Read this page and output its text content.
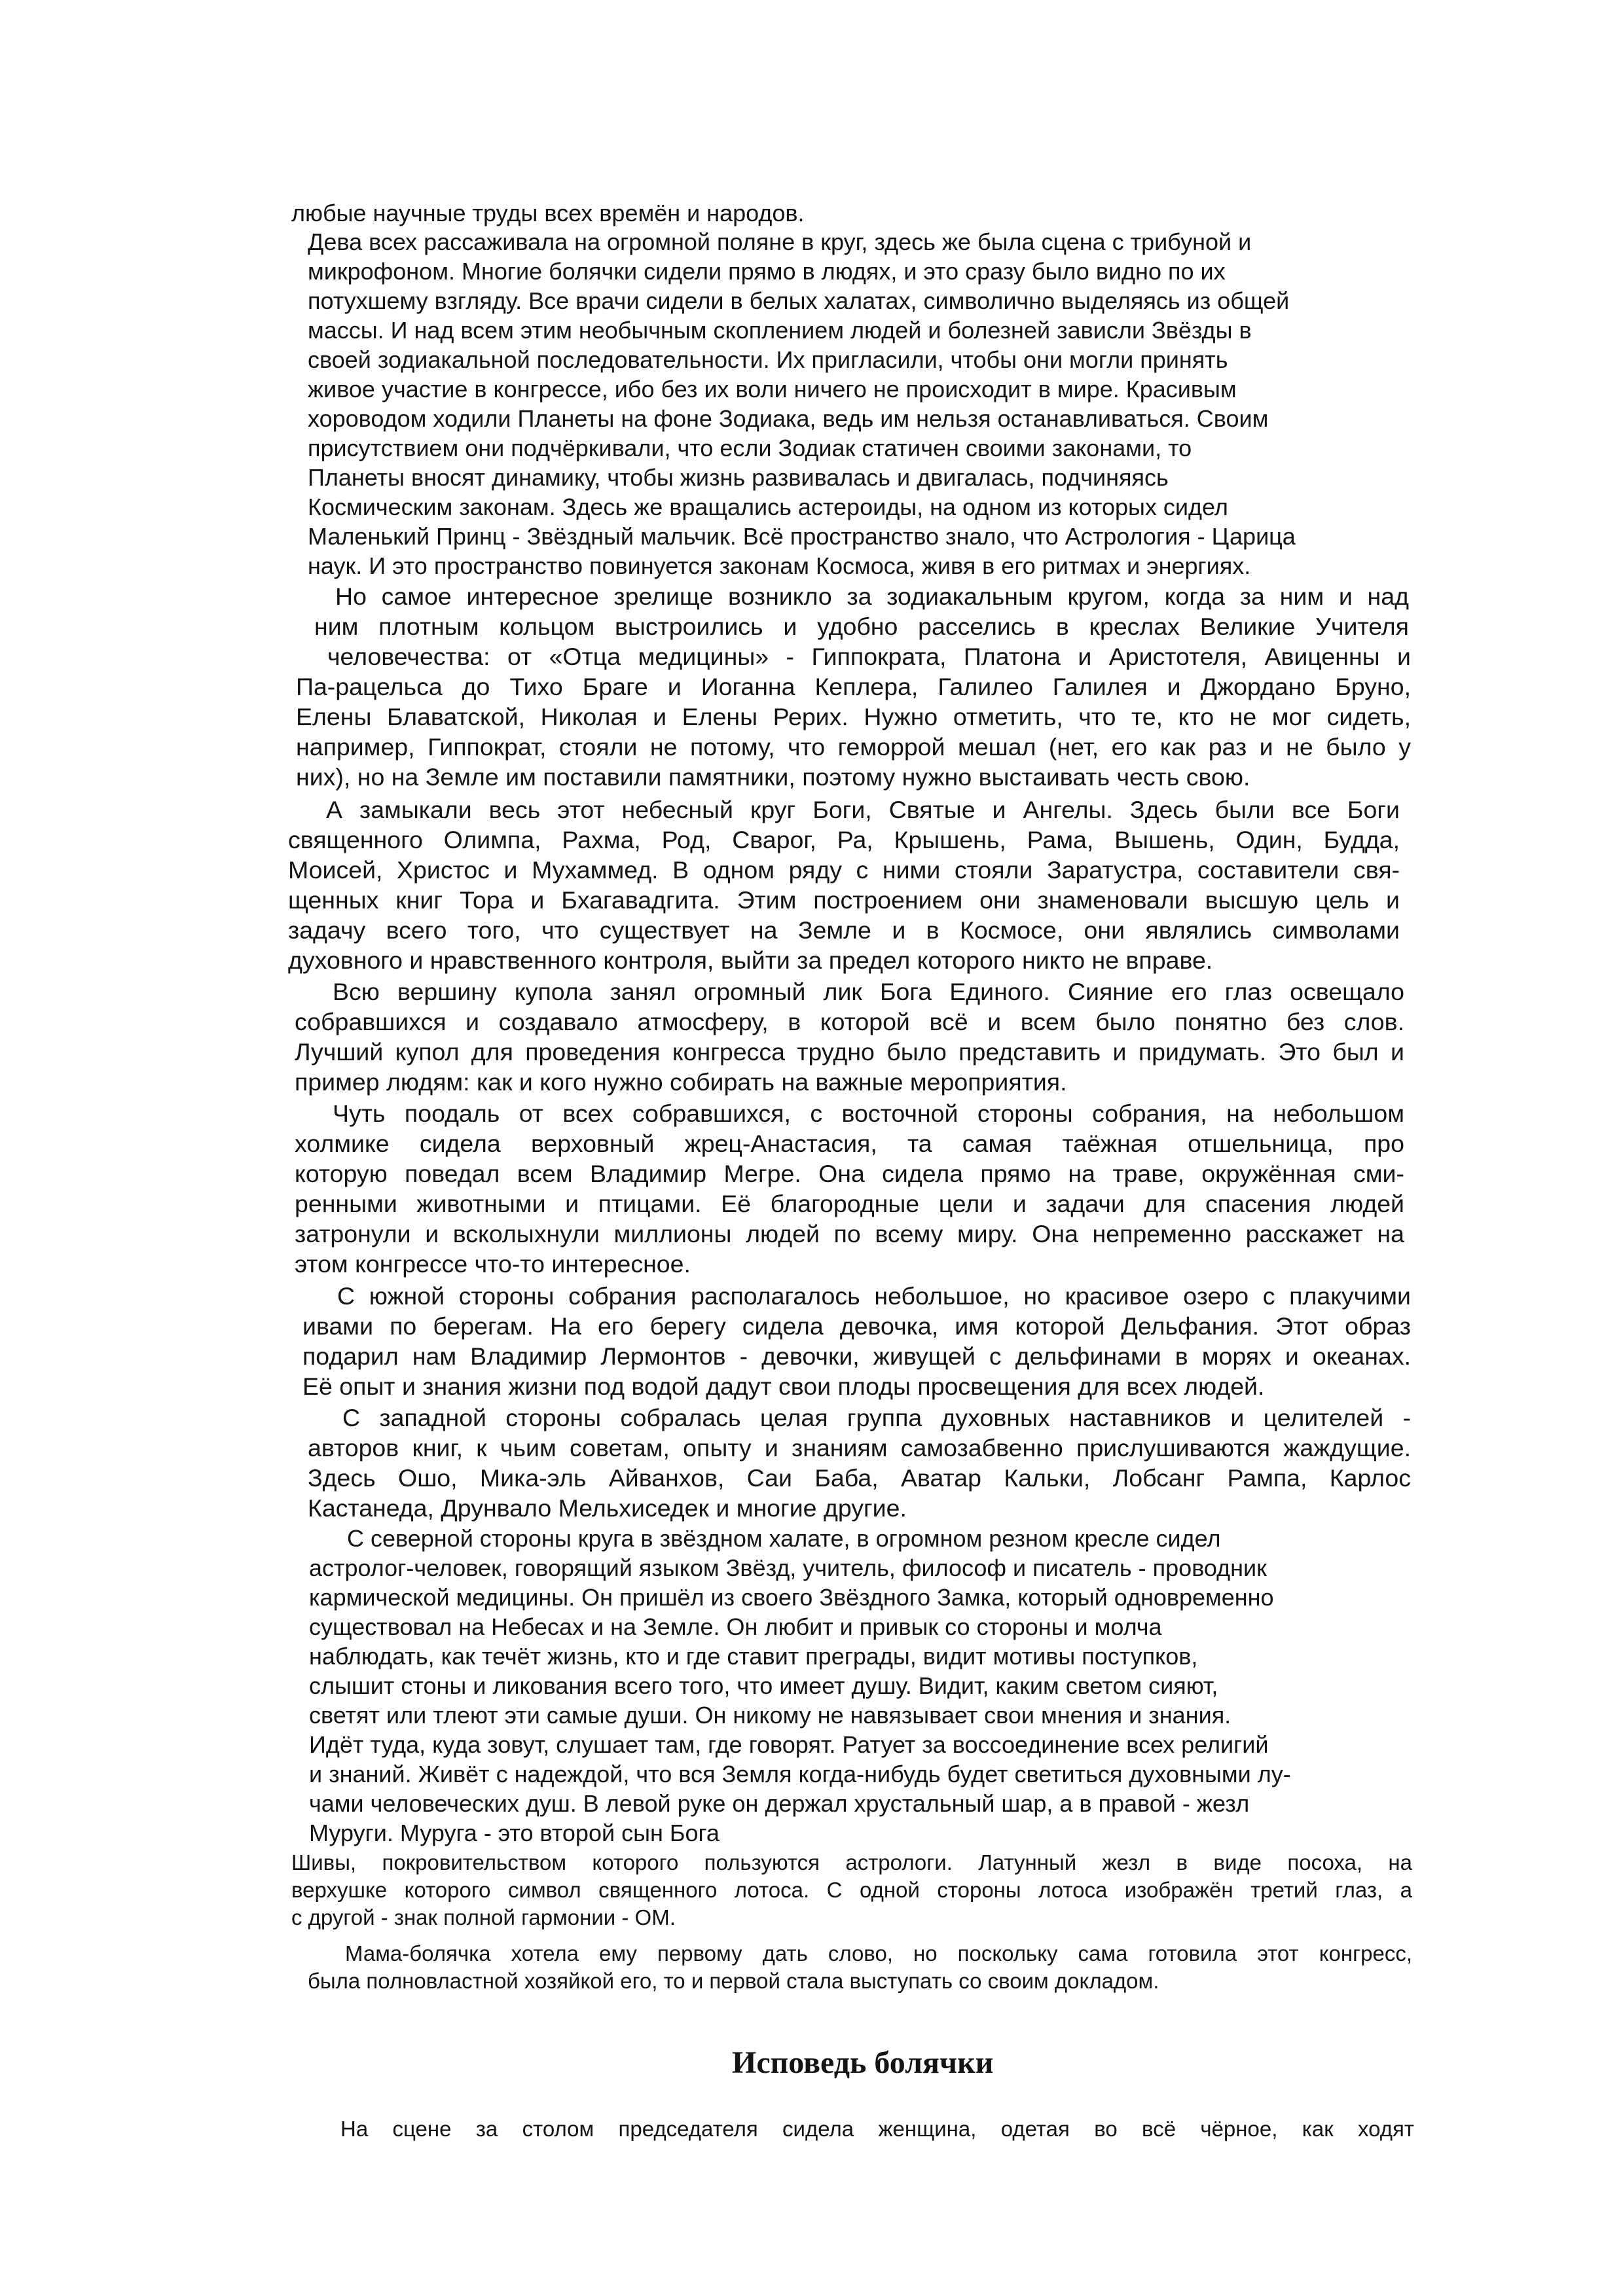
любые научные труды всех времён и народов.

Дева всех рассаживала на огромной поляне в круг, здесь же была сцена с трибуной и

микрофоном. Многие болячки сидели прямо в людях, и это сразу было видно по их

потухшему взгляду. Все врачи сидели в белых халатах, символично выделяясь из общей

массы. И над всем этим необычным скоплением людей и болезней зависли Звёзды в

своей зодиакальной последовательности. Их пригласили, чтобы они могли принять

живое участие в конгрессе, ибо без их воли ничего не происходит в мире. Красивым

хороводом ходили Планеты на фоне Зодиака, ведь им нельзя останавливаться. Своим

присутствием они подчёркивали, что если Зодиак статичен своими законами, то

Планеты вносят динамику, чтобы жизнь развивалась и двигалась, подчиняясь

Космическим законам. Здесь же вращались астероиды, на одном из которых сидел

Маленький Принц - Звёздный мальчик. Всё пространство знало, что Астрология - Царица

наук. И это пространство повинуется законам Космоса, живя в его ритмах и энергиях.

Но самое интересное зрелище возникло за зодиакальным кругом, когда за ним и над

ним плотным кольцом выстроились и удобно расселись в креслах Великие Учителя

человечества: от «Отца медицины» - Гиппократа, Платона и Аристотеля, Авиценны и

Па-рацельса до Тихо Браге и Иоганна Кеплера, Галилео Галилея и Джордано Бруно,

Елены Блаватской, Николая и Елены Рерих. Нужно отметить, что те, кто не мог сидеть,

например, Гиппократ, стояли не потому, что геморрой мешал (нет, его как раз и не было у

них), но на Земле им поставили памятники, поэтому нужно выстаивать честь свою.

А замыкали весь этот небесный круг Боги, Святые и Ангелы. Здесь были все Боги

священного Олимпа, Рахма, Род, Сварог, Ра, Крышень, Рама, Вышень, Один, Будда,

Моисей, Христос и Мухаммед. В одном ряду с ними стояли Заратустра, составители свя-

щенных книг Тора и Бхагавадгита. Этим построением они знаменовали высшую цель и

задачу всего того, что существует на Земле и в Космосе, они являлись символами

духовного и нравственного контроля, выйти за предел которого никто не вправе.

Всю вершину купола занял огромный лик Бога Единого. Сияние его глаз освещало

собравшихся и создавало атмосферу, в которой всё и всем было понятно без слов.

Лучший купол для проведения конгресса трудно было представить и придумать. Это был и

пример людям: как и кого нужно собирать на важные мероприятия.

Чуть поодаль от всех собравшихся, с восточной стороны собрания, на небольшом

холмике сидела верховный жрец-Анастасия, та самая таёжная отшельница, про

которую поведал всем Владимир Мегре. Она сидела прямо на траве, окружённая сми-

ренными животными и птицами. Её благородные цели и задачи для спасения людей

затронули и всколыхнули миллионы людей по всему миру. Она непременно расскажет на

этом конгрессе что-то интересное.

С южной стороны собрания располагалось небольшое, но красивое озеро с плакучими

ивами по берегам. На его берегу сидела девочка, имя которой Дельфания. Этот образ

подарил нам Владимир Лермонтов - девочки, живущей с дельфинами в морях и океанах.

Её опыт и знания жизни под водой дадут свои плоды просвещения для всех людей.

С западной стороны собралась целая группа духовных наставников и целителей -

авторов книг, к чьим советам, опыту и знаниям самозабвенно прислушиваются жаждущие.

Здесь Ошо, Мика-эль Айванхов, Саи Баба, Аватар Кальки, Лобсанг Рампа, Карлос

Кастанеда, Друнвало Мельхиседек и многие другие.

С северной стороны круга в звёздном халате, в огромном резном кресле сидел

астролог-человек, говорящий языком Звёзд, учитель, философ и писатель - проводник

кармической медицины. Он пришёл из своего Звёздного Замка, который одновременно

существовал на Небесах и на Земле. Он любит и привык со стороны и молча

наблюдать, как течёт жизнь, кто и где ставит преграды, видит мотивы поступков,

слышит стоны и ликования всего того, что имеет душу. Видит, каким светом сияют,

светят или тлеют эти самые души. Он никому не навязывает свои мнения и знания.

Идёт туда, куда зовут, слушает там, где говорят. Ратует за воссоединение всех религий

и знаний. Живёт с надеждой, что вся Земля когда-нибудь будет светиться духовными лу-

чами человеческих душ. В левой руке он держал хрустальный шар, а в правой - жезл

Муруги. Муруга - это второй сын Бога

Шивы, покровительством которого пользуются астрологи. Латунный жезл в виде посоха, на

верхушке которого символ священного лотоса. С одной стороны лотоса изображён третий глаз, а

с другой - знак полной гармонии - ОМ.

Мама-болячка хотела ему первому дать слово, но поскольку сама готовила этот конгресс,

была полновластной хозяйкой его, то и первой стала выступать со своим докладом.

Исповедь болячки

На сцене за столом председателя сидела женщина, одетая во всё чёрное, как ходят
